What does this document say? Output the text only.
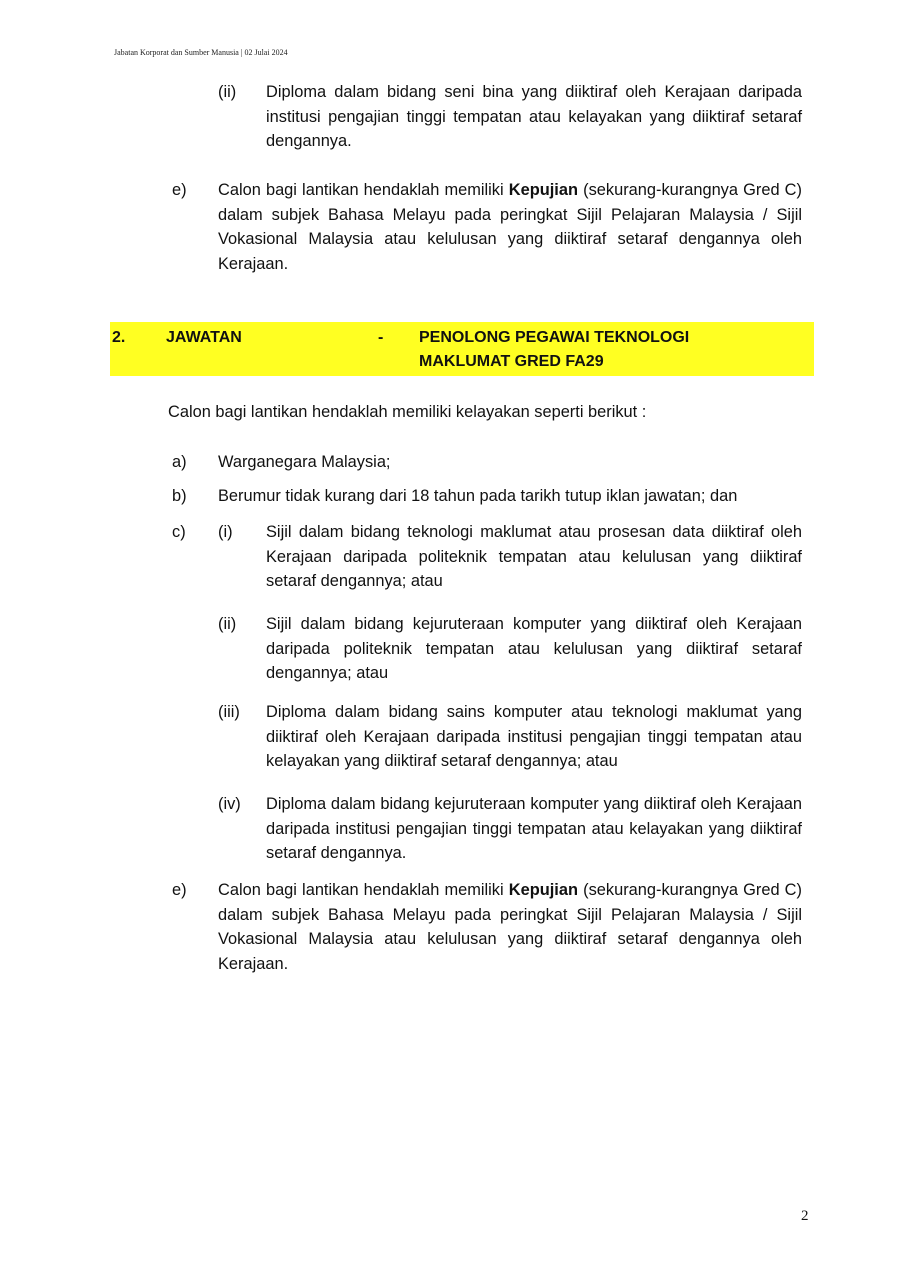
Jabatan Korporat dan Sumber Manusia | 02 Julai 2024
(ii) Diploma dalam bidang seni bina yang diiktiraf oleh Kerajaan daripada institusi pengajian tinggi tempatan atau kelayakan yang diiktiraf setaraf dengannya.
e) Calon bagi lantikan hendaklah memiliki Kepujian (sekurang-kurangnya Gred C) dalam subjek Bahasa Melayu pada peringkat Sijil Pelajaran Malaysia / Sijil Vokasional Malaysia atau kelulusan yang diiktiraf setaraf dengannya oleh Kerajaan.
2.	JAWATAN	- PENOLONG PEGAWAI TEKNOLOGI
MAKLUMAT GRED FA29
Calon bagi lantikan hendaklah memiliki kelayakan seperti berikut :
a) Warganegara Malaysia;
b) Berumur tidak kurang dari 18 tahun pada tarikh tutup iklan jawatan; dan
c) (i) Sijil dalam bidang teknologi maklumat atau prosesan data diiktiraf oleh Kerajaan daripada politeknik tempatan atau kelulusan yang diiktiraf setaraf dengannya; atau
(ii) Sijil dalam bidang kejuruteraan komputer yang diiktiraf oleh Kerajaan daripada politeknik tempatan atau kelulusan yang diiktiraf setaraf dengannya; atau
(iii) Diploma dalam bidang sains komputer atau teknologi maklumat yang diiktiraf oleh Kerajaan daripada institusi pengajian tinggi tempatan atau kelayakan yang diiktiraf setaraf dengannya; atau
(iv) Diploma dalam bidang kejuruteraan komputer yang diiktiraf oleh Kerajaan daripada institusi pengajian tinggi tempatan atau kelayakan yang diiktiraf setaraf dengannya.
e) Calon bagi lantikan hendaklah memiliki Kepujian (sekurang-kurangnya Gred C) dalam subjek Bahasa Melayu pada peringkat Sijil Pelajaran Malaysia / Sijil Vokasional Malaysia atau kelulusan yang diiktiraf setaraf dengannya oleh Kerajaan.
2
